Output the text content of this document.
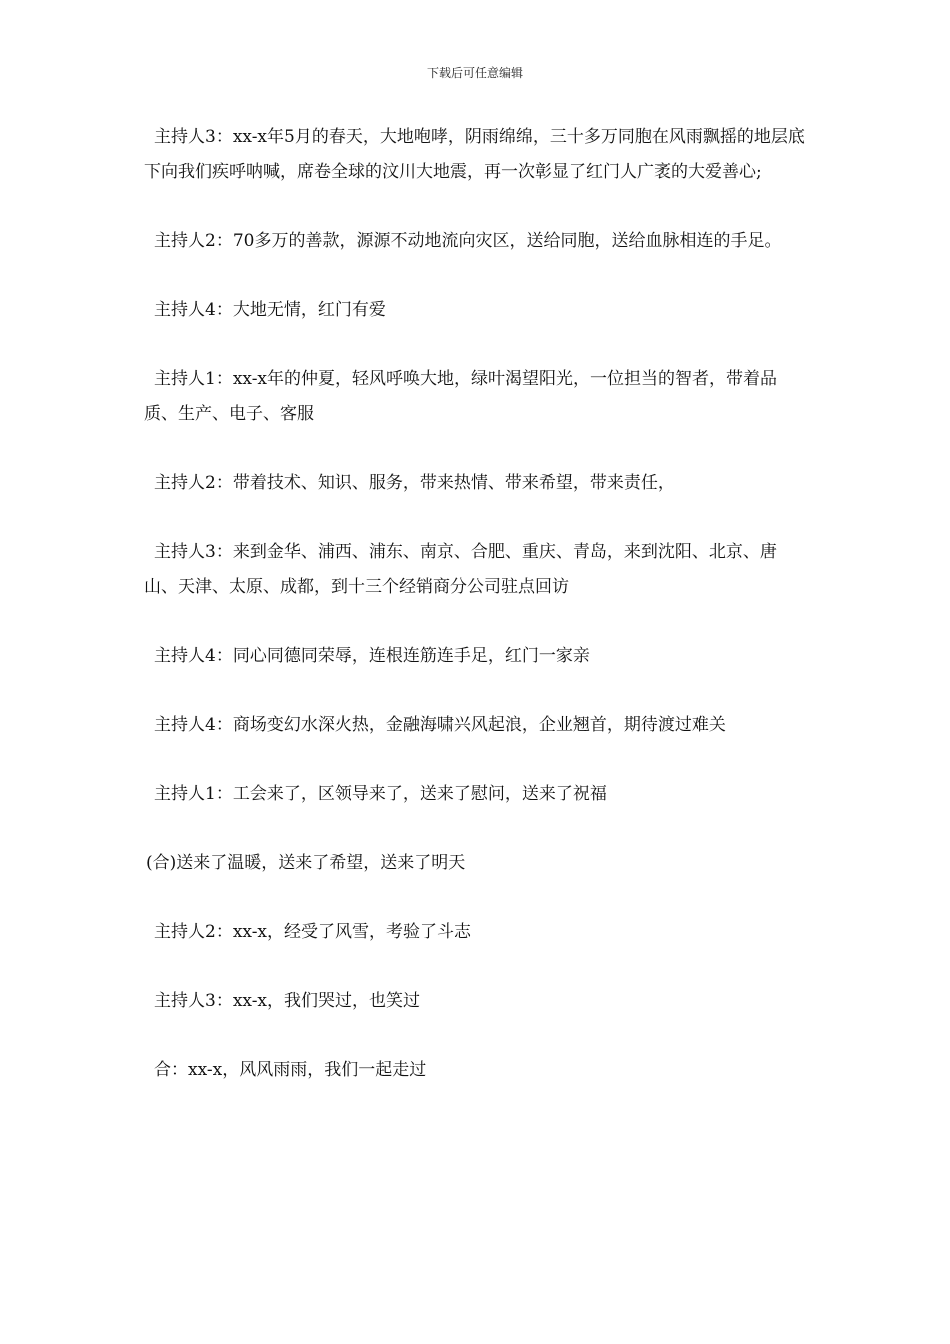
下载后可任意编辑

主持人3：xx-x年5月的春天，大地咆哮，阴雨绵绵，三十多万同胞在风雨飘摇的地层底下向我们疾呼呐喊，席卷全球的汶川大地震，再一次彰显了红门人广袤的大爱善心;

主持人2：70多万的善款，源源不动地流向灾区，送给同胞，送给血脉相连的手足。

主持人4：大地无情，红门有爱

主持人1：xx-x年的仲夏，轻风呼唤大地，绿叶渴望阳光，一位担当的智者，带着品质、生产、电子、客服

主持人2：带着技术、知识、服务，带来热情、带来希望，带来责任，

主持人3：来到金华、浦西、浦东、南京、合肥、重庆、青岛，来到沈阳、北京、唐山、天津、太原、成都，到十三个经销商分公司驻点回访

主持人4：同心同德同荣辱，连根连筋连手足，红门一家亲

主持人4：商场变幻水深火热，金融海啸兴风起浪，企业翘首，期待渡过难关

主持人1：工会来了，区领导来了，送来了慰问，送来了祝福

(合)送来了温暖，送来了希望，送来了明天

主持人2：xx-x，经受了风雪，考验了斗志

主持人3：xx-x，我们哭过，也笑过

合：xx-x，风风雨雨，我们一起走过
